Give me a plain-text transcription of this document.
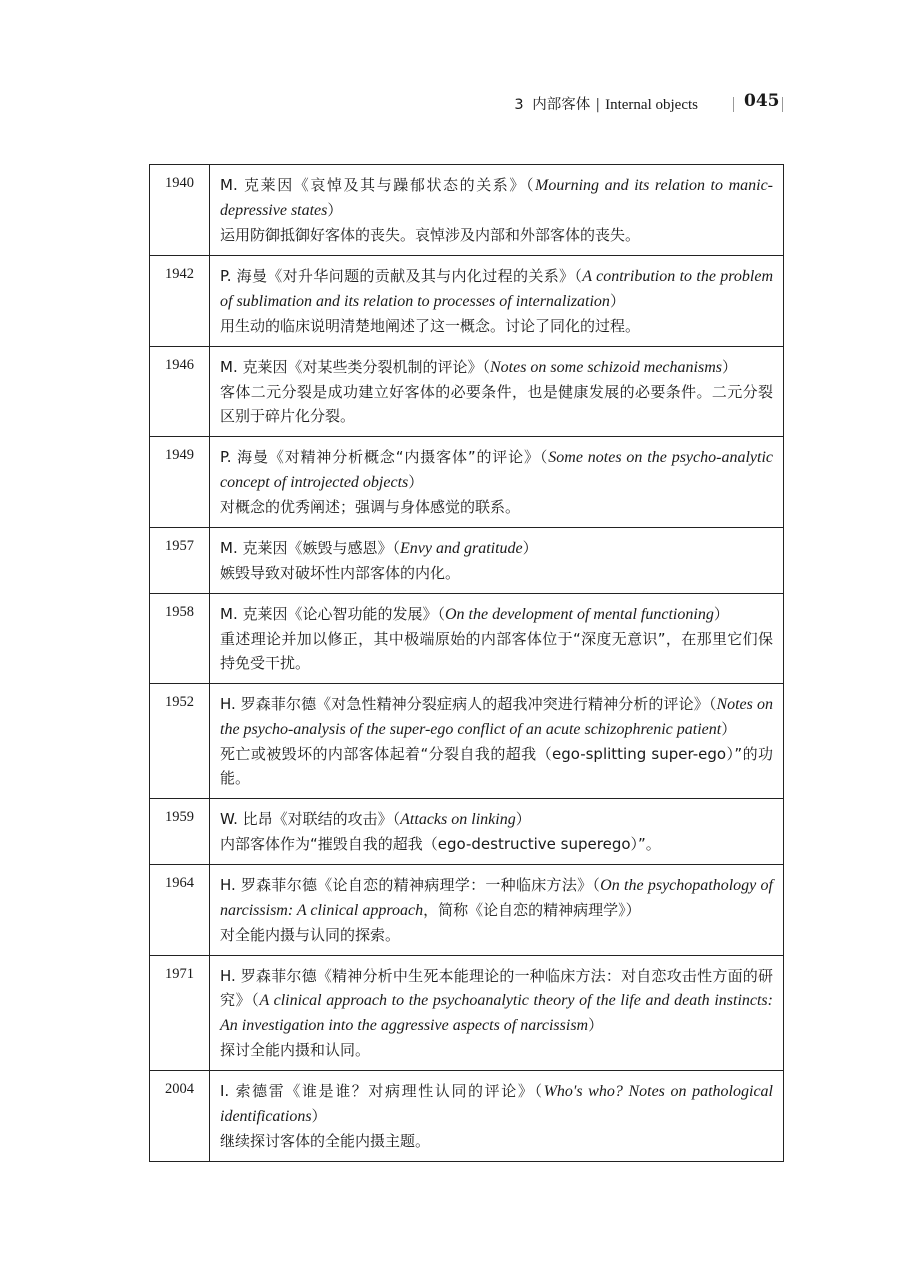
3 内部客体 | Internal objects	045
1940	M. 克莱因《哀悼及其与躁郁状态的关系》（Mourning and its relation to manic-depressive states）
运用防御抵御好客体的丧失。哀悼涉及内部和外部客体的丧失。

1942	P. 海曼《对升华问题的贡献及其与内化过程的关系》（A contribution to the problem of sublimation and its relation to processes of internalization）
用生动的临床说明清楚地阐述了这一概念。讨论了同化的过程。

1946	M. 克莱因《对某些类分裂机制的评论》（Notes on some schizoid mechanisms）
客体二元分裂是成功建立好客体的必要条件，也是健康发展的必要条件。二元分裂区别于碎片化分裂。

1949	P. 海曼《对精神分析概念“内摄客体”的评论》（Some notes on the psycho-analytic concept of introjected objects）
对概念的优秀阐述；强调与身体感觉的联系。

1957	M. 克莱因《嫉毁与感恩》（Envy and gratitude）
嫉毁导致对破坏性内部客体的内化。

1958	M. 克莱因《论心智功能的发展》（On the development of mental functioning）
重述理论并加以修正，其中极端原始的内部客体位于“深度无意识”，在那里它们保持免受干扰。

1952	H. 罗森菲尔德《对急性精神分裂症病人的超我冲突进行精神分析的评论》（Notes on the psycho-analysis of the super-ego conflict of an acute schizophrenic patient）
死亡或被毁坏的内部客体起着“分裂自我的超我（ego-splitting super-ego）”的功能。

1959	W. 比昂《对联结的攻击》（Attacks on linking）
内部客体作为“摧毁自我的超我（ego-destructive superego）”。

1964	H. 罗森菲尔德《论自恋的精神病理学：一种临床方法》（On the psychopathology of narcissism: A clinical approach，简称《论自恋的精神病理学》）
对全能内摄与认同的探索。

1971	H. 罗森菲尔德《精神分析中生死本能理论的一种临床方法：对自恋攻击性方面的研究》（A clinical approach to the psychoanalytic theory of the life and death instincts: An investigation into the aggressive aspects of narcissism）
探讨全能内摄和认同。

2004	I. 索德雷《谁是谁？对病理性认同的评论》（Who's who? Notes on pathological identifications）
继续探讨客体的全能内摄主题。
